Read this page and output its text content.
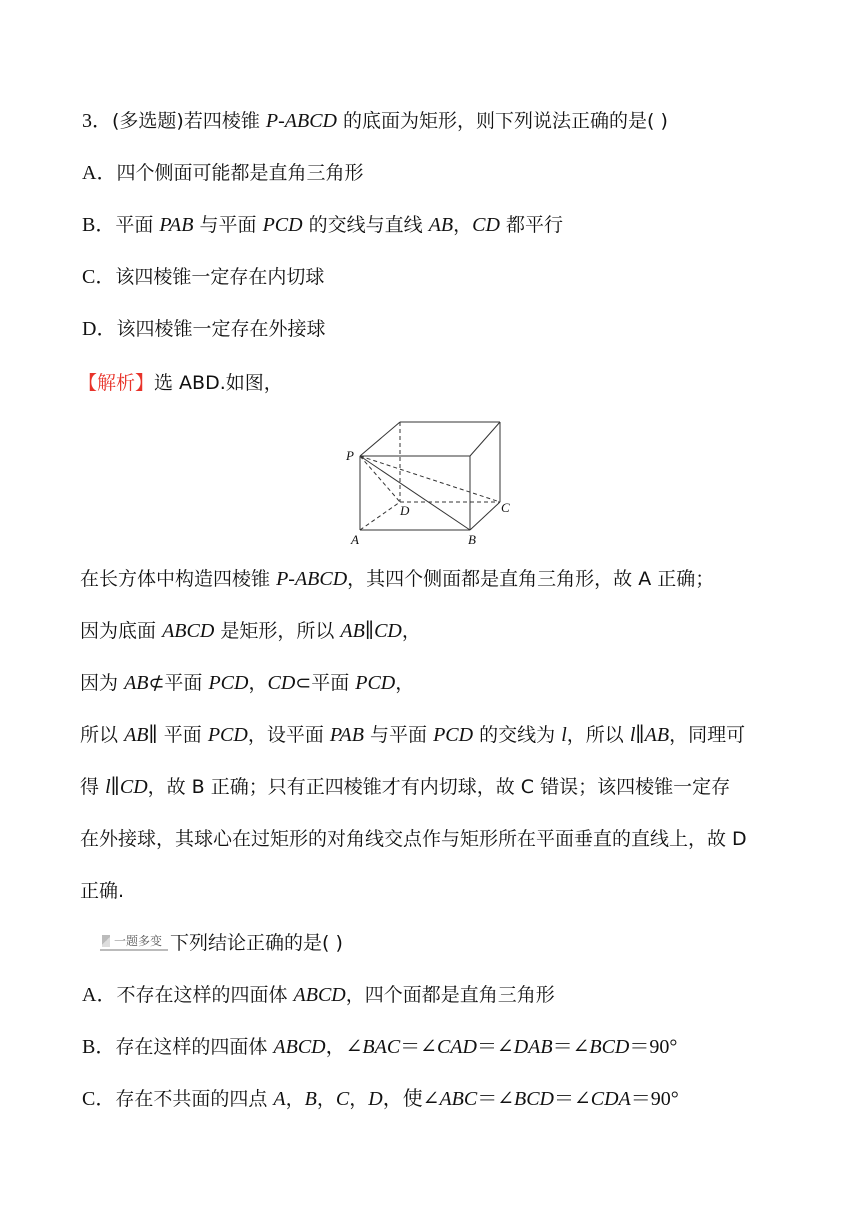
3．(多选题)若四棱锥 P-ABCD 的底面为矩形，则下列说法正确的是( )
A．四个侧面可能都是直角三角形
B．平面 PAB 与平面 PCD 的交线与直线 AB，CD 都平行
C．该四棱锥一定存在内切球
D．该四棱锥一定存在外接球
【解析】选 ABD.如图，
P
D	C
A	B
在长方体中构造四棱锥 P-ABCD，其四个侧面都是直角三角形，故 A 正确；
因为底面 ABCD 是矩形，所以 AB∥CD，
因为 AB⊄平面 PCD，CD⊂平面 PCD，
所以 AB∥ 平面 PCD，设平面 PAB 与平面 PCD 的交线为 l，所以 l∥AB，同理可
得 l∥CD，故 B 正确；只有正四棱锥才有内切球，故 C 错误；该四棱锥一定存
在外接球，其球心在过矩形的对角线交点作与矩形所在平面垂直的直线上，故 D
正确.
一题多变 下列结论正确的是( )
A．不存在这样的四面体 ABCD，四个面都是直角三角形
B．存在这样的四面体 ABCD，∠BAC＝∠CAD＝∠DAB＝∠BCD＝90°
C．存在不共面的四点 A，B，C，D，使∠ABC＝∠BCD＝∠CDA＝90°
